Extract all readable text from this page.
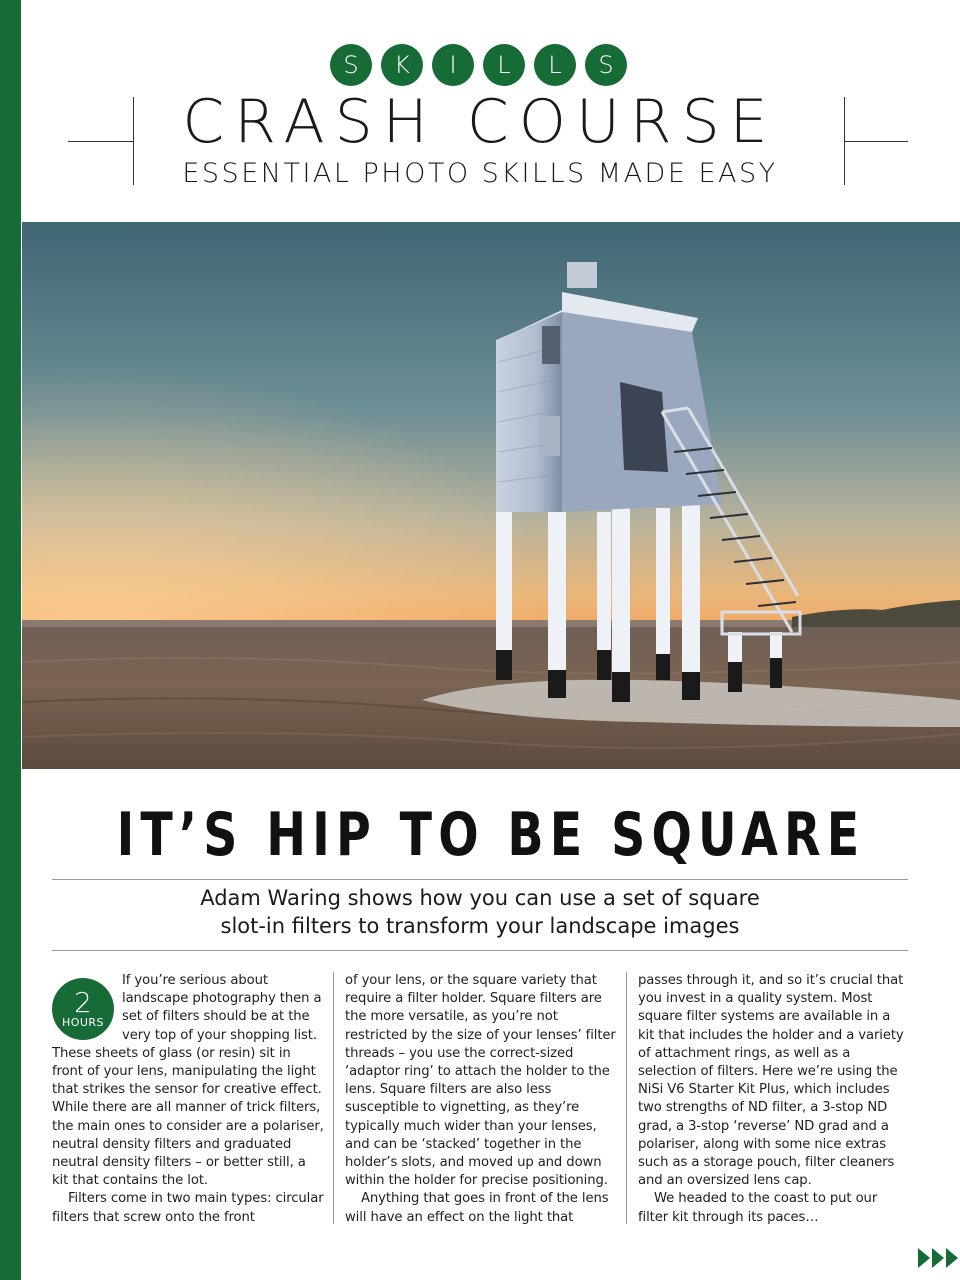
S	K	I	L	L	S
CRASH COURSE
ESSENTIAL PHOTO SKILLS MADE EASY
IT’S HIP TO BE SQUARE
Adam Waring shows how you can use a set of square
slot-in filters to transform your landscape images
2
HOURS

If you’re serious about landscape photography then a set of filters should be at the very top of your shopping list. These sheets of glass (or resin) sit in front of your lens, manipulating the light that strikes the sensor for creative effect. While there are all manner of trick filters, the main ones to consider are a polariser, neutral density filters and graduated neutral density filters – or better still, a kit that contains the lot.

Filters come in two main types: circular filters that screw onto the front

of your lens, or the square variety that require a filter holder. Square filters are the more versatile, as you’re not restricted by the size of your lenses’ filter threads – you use the correct-sized ‘adaptor ring’ to attach the holder to the lens. Square filters are also less susceptible to vignetting, as they’re typically much wider than your lenses, and can be ‘stacked’ together in the holder’s slots, and moved up and down within the holder for precise positioning.

Anything that goes in front of the lens will have an effect on the light that

passes through it, and so it’s crucial that you invest in a quality system. Most square filter systems are available in a kit that includes the holder and a variety of attachment rings, as well as a selection of filters. Here we’re using the NiSi V6 Starter Kit Plus, which includes two strengths of ND filter, a 3-stop ND grad, a 3-stop ‘reverse’ ND grad and a polariser, along with some nice extras such as a storage pouch, filter cleaners and an oversized lens cap.

We headed to the coast to put our filter kit through its paces…
